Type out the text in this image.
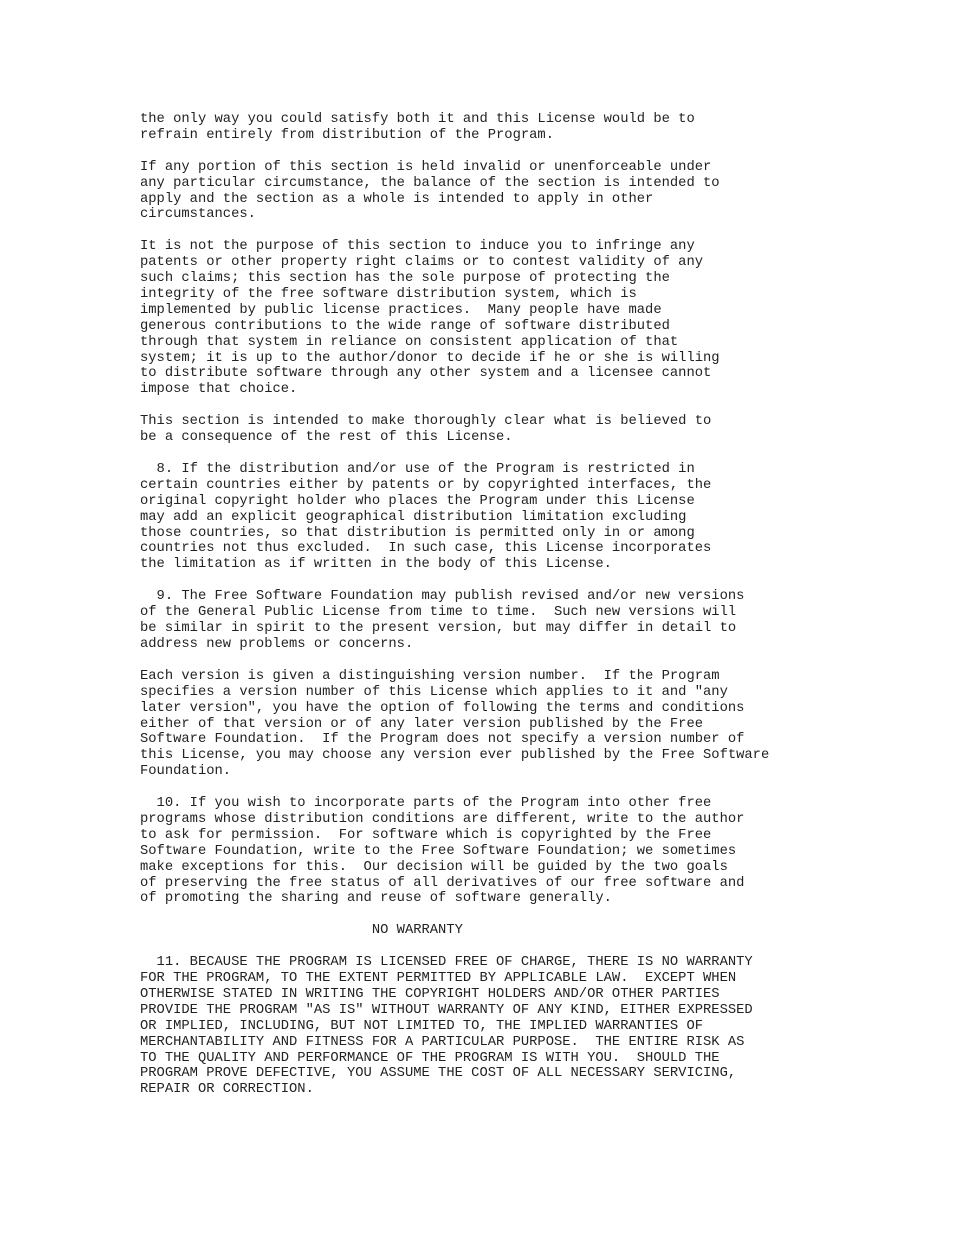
the only way you could satisfy both it and this License would be to
refrain entirely from distribution of the Program.
If any portion of this section is held invalid or unenforceable under
any particular circumstance, the balance of the section is intended to
apply and the section as a whole is intended to apply in other
circumstances.
It is not the purpose of this section to induce you to infringe any
patents or other property right claims or to contest validity of any
such claims; this section has the sole purpose of protecting the
integrity of the free software distribution system, which is
implemented by public license practices.  Many people have made
generous contributions to the wide range of software distributed
through that system in reliance on consistent application of that
system; it is up to the author/donor to decide if he or she is willing
to distribute software through any other system and a licensee cannot
impose that choice.
This section is intended to make thoroughly clear what is believed to
be a consequence of the rest of this License.
8. If the distribution and/or use of the Program is restricted in
certain countries either by patents or by copyrighted interfaces, the
original copyright holder who places the Program under this License
may add an explicit geographical distribution limitation excluding
those countries, so that distribution is permitted only in or among
countries not thus excluded.  In such case, this License incorporates
the limitation as if written in the body of this License.
9. The Free Software Foundation may publish revised and/or new versions
of the General Public License from time to time.  Such new versions will
be similar in spirit to the present version, but may differ in detail to
address new problems or concerns.
Each version is given a distinguishing version number.  If the Program
specifies a version number of this License which applies to it and "any
later version", you have the option of following the terms and conditions
either of that version or of any later version published by the Free
Software Foundation.  If the Program does not specify a version number of
this License, you may choose any version ever published by the Free Software
Foundation.
10. If you wish to incorporate parts of the Program into other free
programs whose distribution conditions are different, write to the author
to ask for permission.  For software which is copyrighted by the Free
Software Foundation, write to the Free Software Foundation; we sometimes
make exceptions for this.  Our decision will be guided by the two goals
of preserving the free status of all derivatives of our free software and
of promoting the sharing and reuse of software generally.
NO WARRANTY
11. BECAUSE THE PROGRAM IS LICENSED FREE OF CHARGE, THERE IS NO WARRANTY
FOR THE PROGRAM, TO THE EXTENT PERMITTED BY APPLICABLE LAW.  EXCEPT WHEN
OTHERWISE STATED IN WRITING THE COPYRIGHT HOLDERS AND/OR OTHER PARTIES
PROVIDE THE PROGRAM "AS IS" WITHOUT WARRANTY OF ANY KIND, EITHER EXPRESSED
OR IMPLIED, INCLUDING, BUT NOT LIMITED TO, THE IMPLIED WARRANTIES OF
MERCHANTABILITY AND FITNESS FOR A PARTICULAR PURPOSE.  THE ENTIRE RISK AS
TO THE QUALITY AND PERFORMANCE OF THE PROGRAM IS WITH YOU.  SHOULD THE
PROGRAM PROVE DEFECTIVE, YOU ASSUME THE COST OF ALL NECESSARY SERVICING,
REPAIR OR CORRECTION.
